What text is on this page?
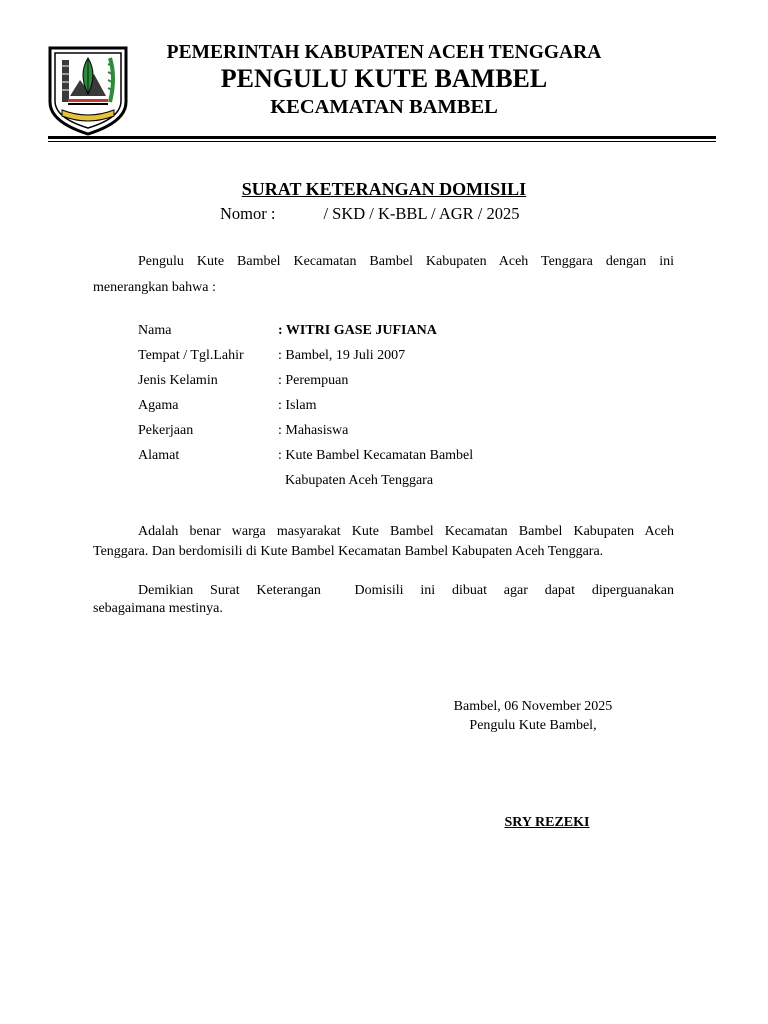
PEMERINTAH KABUPATEN ACEH TENGGARA
PENGULU KUTE BAMBEL
KECAMATAN BAMBEL
SURAT KETERANGAN DOMISILI
Nomor :	/ SKD / K-BBL / AGR / 2025
Pengulu Kute Bambel Kecamatan Bambel Kabupaten Aceh Tenggara dengan ini
menerangkan bahwa :
Nama	: WITRI GASE JUFIANA
Tempat / Tgl.Lahir	: Bambel, 19 Juli 2007
Jenis Kelamin	: Perempuan
Agama	: Islam
Pekerjaan	: Mahasiswa
Alamat	: Kute Bambel Kecamatan Bambel
Kabupaten Aceh Tenggara
Adalah benar warga masyarakat Kute Bambel Kecamatan Bambel Kabupaten Aceh
Tenggara. Dan berdomisili di Kute Bambel Kecamatan Bambel Kabupaten Aceh Tenggara.
Demikian Surat Keterangan  Domisili ini dibuat agar dapat diperguanakan
sebagaimana mestinya.
Bambel, 06 November 2025
Pengulu Kute Bambel,
SRY REZEKI
